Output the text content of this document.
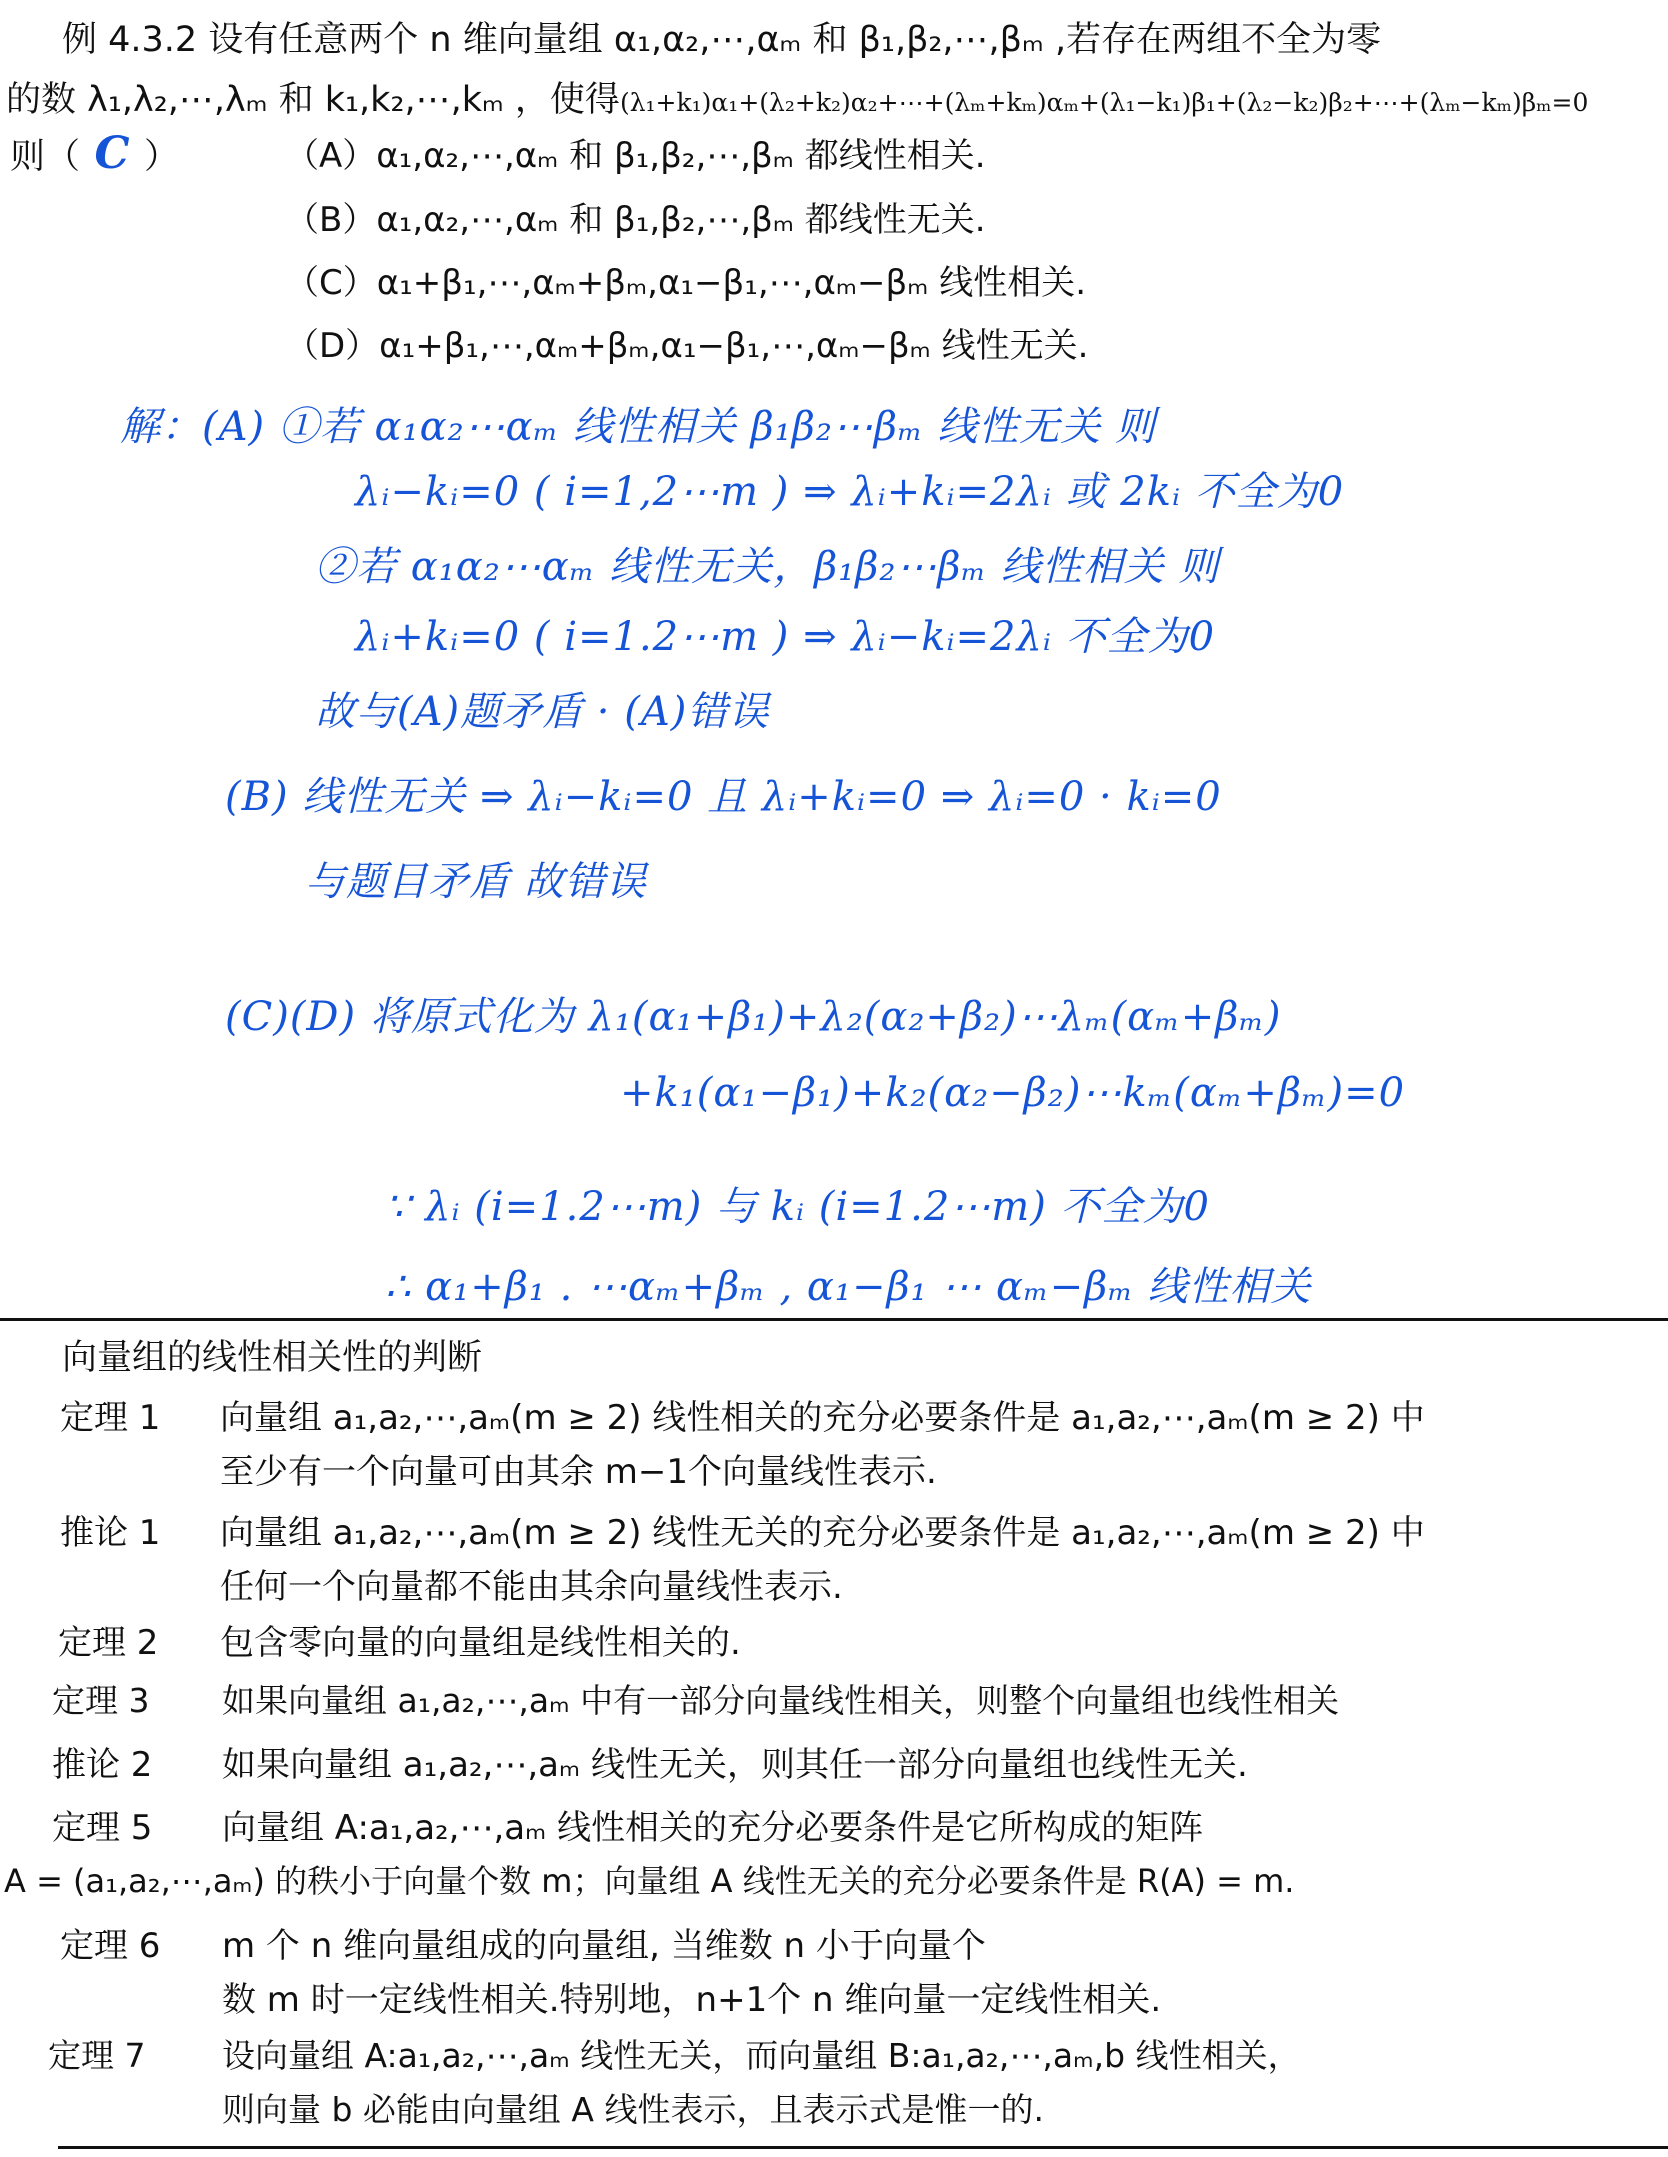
例 4.3.2 设有任意两个 n 维向量组 α₁,α₂,⋯,αₘ 和 β₁,β₂,⋯,βₘ ,若存在两组不全为零
的数 λ₁,λ₂,⋯,λₘ 和 k₁,k₂,⋯,kₘ ，使得(λ₁+k₁)α₁+(λ₂+k₂)α₂+⋯+(λₘ+kₘ)αₘ+(λ₁−k₁)β₁+(λ₂−k₂)β₂+⋯+(λₘ−kₘ)βₘ=0
则（ C ）	（A）α₁,α₂,⋯,αₘ 和 β₁,β₂,⋯,βₘ 都线性相关.
（B）α₁,α₂,⋯,αₘ 和 β₁,β₂,⋯,βₘ 都线性无关.
（C）α₁+β₁,⋯,αₘ+βₘ,α₁−β₁,⋯,αₘ−βₘ 线性相关.
（D）α₁+β₁,⋯,αₘ+βₘ,α₁−β₁,⋯,αₘ−βₘ 线性无关.
解：(A) ①若 α₁α₂⋯αₘ 线性相关 β₁β₂⋯βₘ 线性无关 则
λᵢ−kᵢ=0 ( i=1,2⋯m ) ⇒ λᵢ+kᵢ=2λᵢ 或 2kᵢ 不全为0
②若 α₁α₂⋯αₘ 线性无关，β₁β₂⋯βₘ 线性相关 则
λᵢ+kᵢ=0 ( i=1.2⋯m ) ⇒ λᵢ−kᵢ=2λᵢ 不全为0
故与(A)题矛盾 · (A)错误
(B) 线性无关 ⇒ λᵢ−kᵢ=0 且 λᵢ+kᵢ=0 ⇒ λᵢ=0 · kᵢ=0
与题目矛盾 故错误
(C)(D) 将原式化为 λ₁(α₁+β₁)+λ₂(α₂+β₂)⋯λₘ(αₘ+βₘ)
+k₁(α₁−β₁)+k₂(α₂−β₂)⋯kₘ(αₘ+βₘ)=0
∵ λᵢ (i=1.2⋯m) 与 kᵢ (i=1.2⋯m) 不全为0
∴ α₁+β₁ . ⋯αₘ+βₘ , α₁−β₁ ⋯ αₘ−βₘ 线性相关
向量组的线性相关性的判断
定理 1 向量组 a₁,a₂,⋯,aₘ(m ≥ 2) 线性相关的充分必要条件是 a₁,a₂,⋯,aₘ(m ≥ 2) 中
至少有一个向量可由其余 m−1个向量线性表示.
推论 1 向量组 a₁,a₂,⋯,aₘ(m ≥ 2) 线性无关的充分必要条件是 a₁,a₂,⋯,aₘ(m ≥ 2) 中
任何一个向量都不能由其余向量线性表示.
定理 2 包含零向量的向量组是线性相关的.
定理 3 如果向量组 a₁,a₂,⋯,aₘ 中有一部分向量线性相关，则整个向量组也线性相关
推论 2 如果向量组 a₁,a₂,⋯,aₘ 线性无关，则其任一部分向量组也线性无关.
定理 5 向量组 A:a₁,a₂,⋯,aₘ 线性相关的充分必要条件是它所构成的矩阵
A = (a₁,a₂,⋯,aₘ) 的秩小于向量个数 m；向量组 A 线性无关的充分必要条件是 R(A) = m.
定理 6 m 个 n 维向量组成的向量组, 当维数 n 小于向量个
数 m 时一定线性相关.特别地，n+1个 n 维向量一定线性相关.
定理 7 设向量组 A:a₁,a₂,⋯,aₘ 线性无关，而向量组 B:a₁,a₂,⋯,aₘ,b 线性相关，
则向量 b 必能由向量组 A 线性表示，且表示式是惟一的.
